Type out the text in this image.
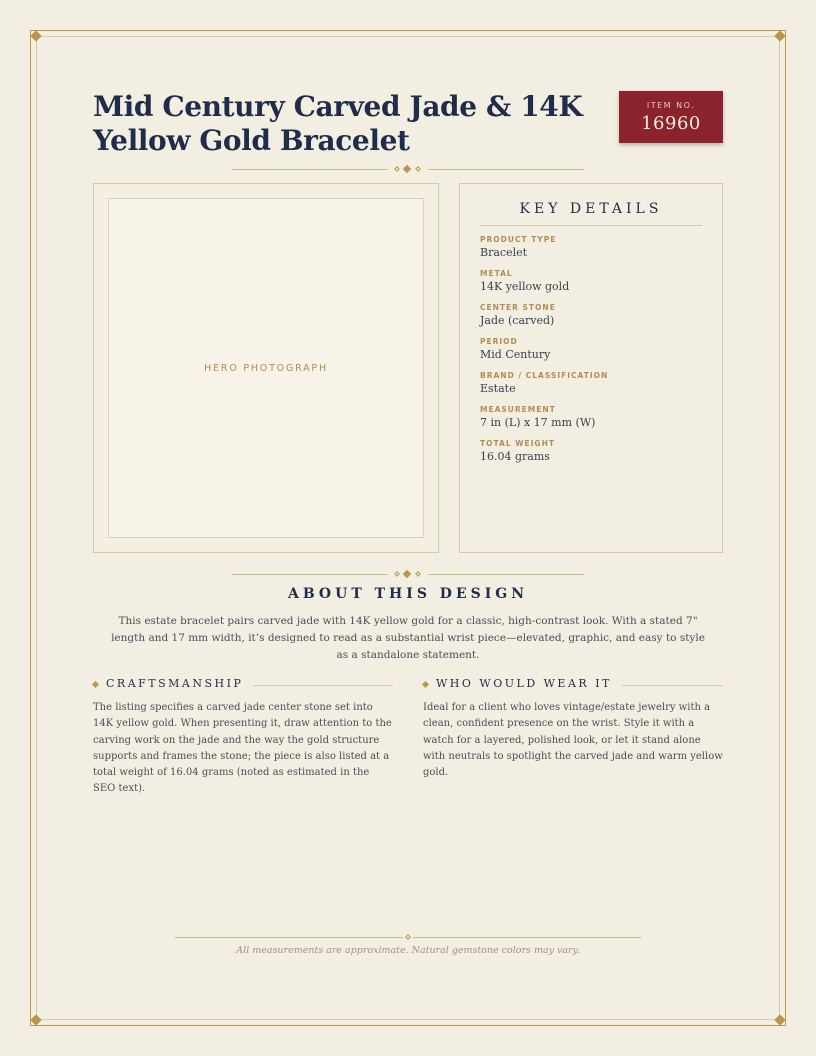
Mid Century Carved Jade & 14K Yellow Gold Bracelet
ITEM NO.
16960
HERO PHOTOGRAPH
KEY DETAILS
PRODUCT TYPE
Bracelet
METAL
14K yellow gold
CENTER STONE
Jade (carved)
PERIOD
Mid Century
BRAND / CLASSIFICATION
Estate
MEASUREMENT
7 in (L) x 17 mm (W)
TOTAL WEIGHT
16.04 grams
ABOUT THIS DESIGN

This estate bracelet pairs carved jade with 14K yellow gold for a classic, high-contrast look. With a stated 7" length and 17 mm width, it’s designed to read as a substantial wrist piece—elevated, graphic, and easy to style as a standalone statement.

CRAFTSMANSHIP

The listing specifies a carved jade center stone set into 14K yellow gold. When presenting it, draw attention to the carving work on the jade and the way the gold structure supports and frames the stone; the piece is also listed at a total weight of 16.04 grams (noted as estimated in the SEO text).

WHO WOULD WEAR IT

Ideal for a client who loves vintage/estate jewelry with a clean, confident presence on the wrist. Style it with a watch for a layered, polished look, or let it stand alone with neutrals to spotlight the carved jade and warm yellow gold.

All measurements are approximate. Natural gemstone colors may vary.
